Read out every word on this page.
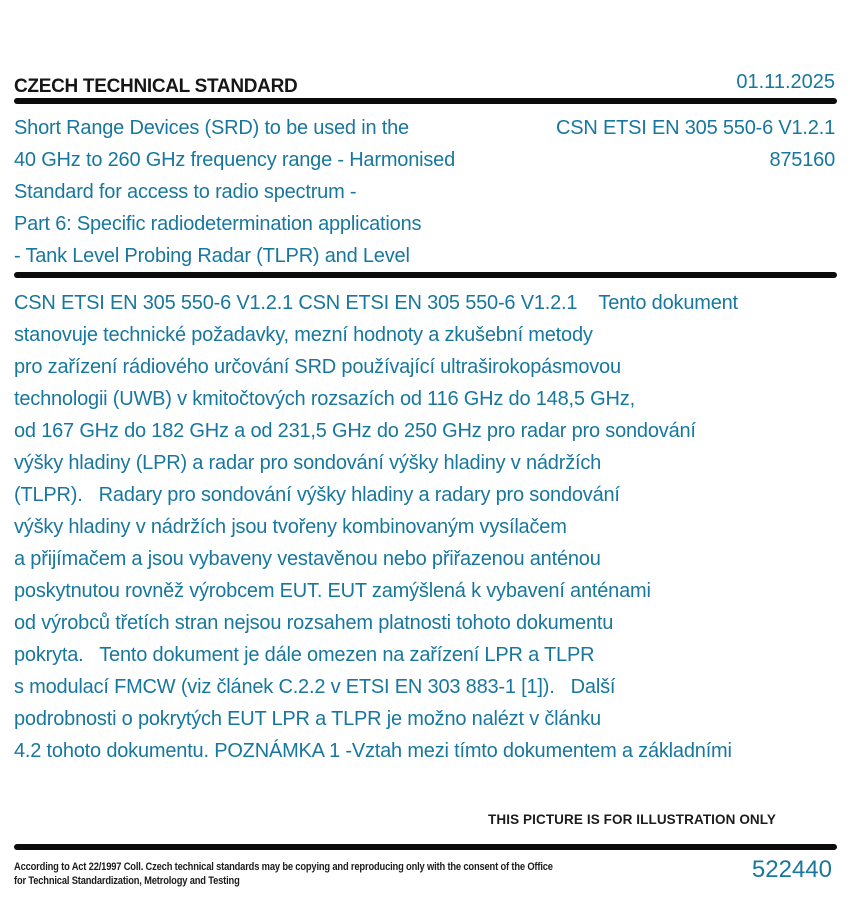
CZECH TECHNICAL STANDARD	01.11.2025
Short Range Devices (SRD) to be used in the
40 GHz to 260 GHz frequency range - Harmonised
Standard for access to radio spectrum -
Part 6: Specific radiodetermination applications
- Tank Level Probing Radar (TLPR) and Level
CSN ETSI EN 305 550-6 V1.2.1
875160
CSN ETSI EN 305 550-6 V1.2.1 CSN ETSI EN 305 550-6 V1.2.1    Tento dokument
stanovuje technické požadavky, mezní hodnoty a zkušební metody
pro zařízení rádiového určování SRD používající ultraširokopásmovou
technologii (UWB) v kmitočtových rozsazích od 116 GHz do 148,5 GHz,
od 167 GHz do 182 GHz a od 231,5 GHz do 250 GHz pro radar pro sondování
výšky hladiny (LPR) a radar pro sondování výšky hladiny v nádržích
(TLPR).   Radary pro sondování výšky hladiny a radary pro sondování
výšky hladiny v nádržích jsou tvořeny kombinovaným vysílačem
a přijímačem a jsou vybaveny vestavěnou nebo přiřazenou anténou
poskytnutou rovněž výrobcem EUT. EUT zamýšlená k vybavení anténami
od výrobců třetích stran nejsou rozsahem platnosti tohoto dokumentu
pokryta.   Tento dokument je dále omezen na zařízení LPR a TLPR
s modulací FMCW (viz článek C.2.2 v ETSI EN 303 883-1 [1]).   Další
podrobnosti o pokrytých EUT LPR a TLPR je možno nalézt v článku
4.2 tohoto dokumentu. POZNÁMKA 1 -Vztah mezi tímto dokumentem a základními
THIS PICTURE IS FOR ILLUSTRATION ONLY
According to Act 22/1997 Coll. Czech technical standards may be copying and reproducing only with the consent of the Office
for Technical Standardization, Metrology and Testing	522440
